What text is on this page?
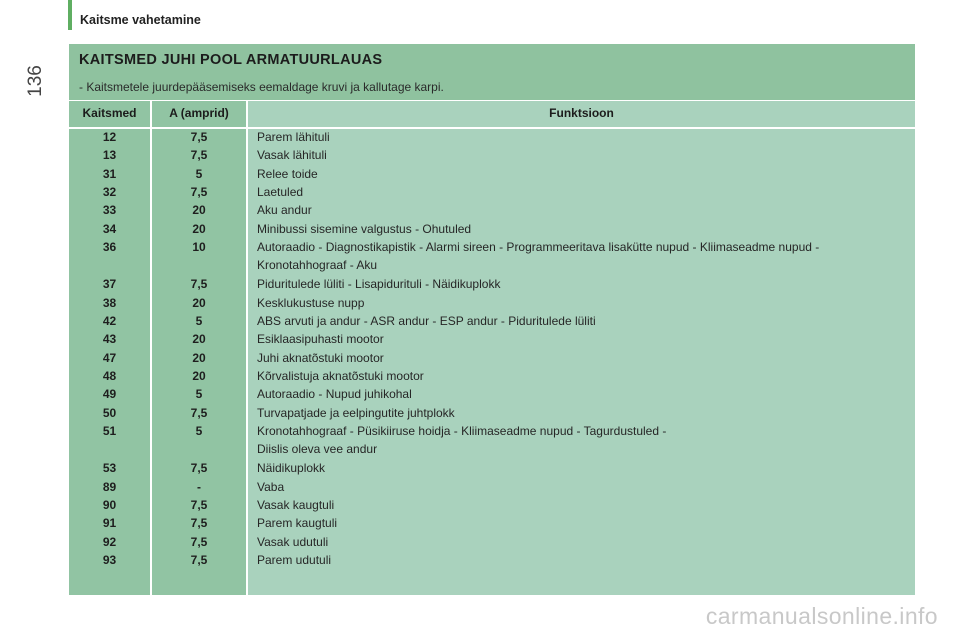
Kaitsme vahetamine
136
KAITSMED JUHI POOL ARMATUURLAUAS
- Kaitsmetele juurdepääsemiseks eemaldage kruvi ja kallutage karpi.
Kaitsmed	A (amprid)	Funktsioon
12	7,5	Parem lähituli
13	7,5	Vasak lähituli
31	5	Relee toide
32	7,5	Laetuled
33	20	Aku andur
34	20	Minibussi sisemine valgustus - Ohutuled
36	10	Autoraadio - Diagnostikapistik - Alarmi sireen - Programmeeritava lisakütte nupud - Kliimaseadme nupud -
Kronotahhograaf - Aku
37	7,5	Piduritulede lüliti - Lisapidurituli - Näidikuplokk
38	20	Kesklukustuse nupp
42	5	ABS arvuti ja andur - ASR andur - ESP andur - Piduritulede lüliti
43	20	Esiklaasipuhasti mootor
47	20	Juhi aknatõstuki mootor
48	20	Kõrvalistuja aknatõstuki mootor
49	5	Autoraadio - Nupud juhikohal
50	7,5	Turvapatjade ja eelpingutite juhtplokk
51	5	Kronotahhograaf - Püsikiiruse hoidja - Kliimaseadme nupud - Tagurdustuled -
Diislis oleva vee andur
53	7,5	Näidikuplokk
89	-	Vaba
90	7,5	Vasak kaugtuli
91	7,5	Parem kaugtuli
92	7,5	Vasak udutuli
93	7,5	Parem udutuli
carmanualsonline.info
